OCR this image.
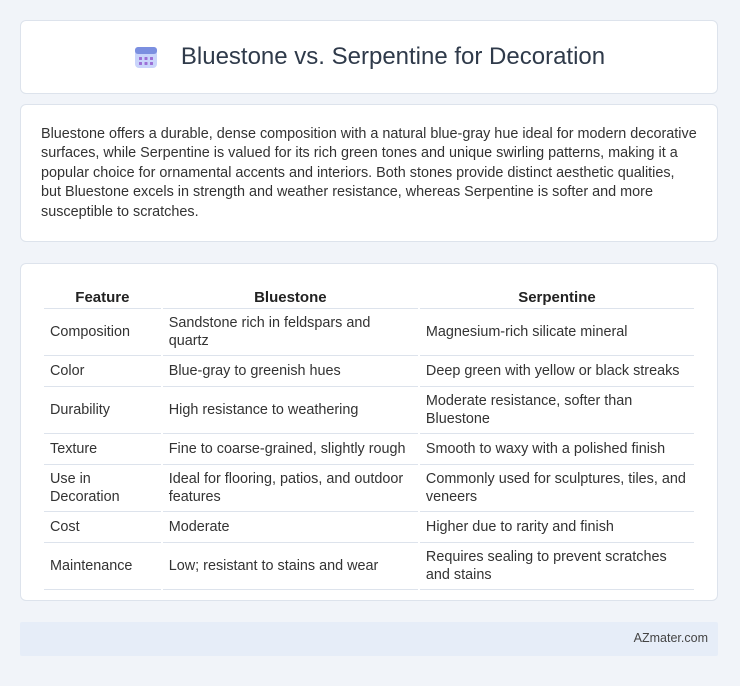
Bluestone vs. Serpentine for Decoration

Bluestone offers a durable, dense composition with a natural blue-gray hue ideal for modern decorative surfaces, while Serpentine is valued for its rich green tones and unique swirling patterns, making it a popular choice for ornamental accents and interiors. Both stones provide distinct aesthetic qualities, but Bluestone excels in strength and weather resistance, whereas Serpentine is softer and more susceptible to scratches.

Feature	Bluestone	Serpentine
Composition	Sandstone rich in feldspars and quartz	Magnesium-rich silicate mineral
Color	Blue-gray to greenish hues	Deep green with yellow or black streaks
Durability	High resistance to weathering	Moderate resistance, softer than Bluestone
Texture	Fine to coarse-grained, slightly rough	Smooth to waxy with a polished finish
Use in Decoration	Ideal for flooring, patios, and outdoor features	Commonly used for sculptures, tiles, and veneers
Cost	Moderate	Higher due to rarity and finish
Maintenance	Low; resistant to stains and wear	Requires sealing to prevent scratches and stains
AZmater.com
